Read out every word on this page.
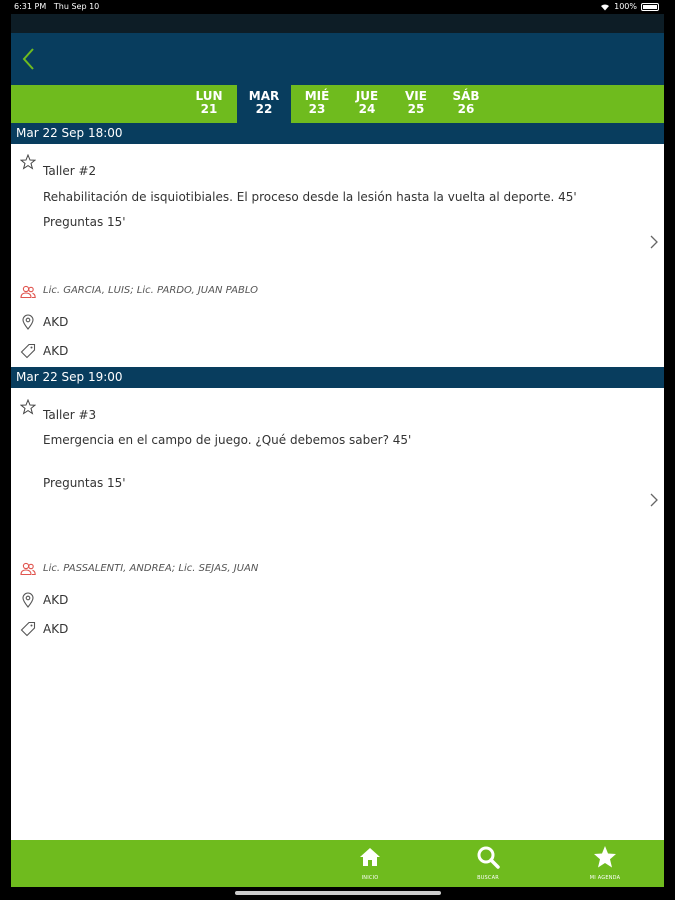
6:31 PM Thu Sep 10	100%
LUN
21
MAR
22
MIÉ
23
JUE
24
VIE
25
SÁB
26
Mar 22 Sep 18:00
Taller #2
Rehabilitación de isquiotibiales. El proceso desde la lesión hasta la vuelta al deporte. 45'
Preguntas 15'
Lic. GARCIA, LUIS; Lic. PARDO, JUAN PABLO
AKD
AKD
Mar 22 Sep 19:00
Taller #3
Emergencia en el campo de juego. ¿Qué debemos saber? 45'
Preguntas 15'
Lic. PASSALENTI, ANDREA; Lic. SEJAS, JUAN
AKD
AKD
INICIO	BUSCAR	MI AGENDA
